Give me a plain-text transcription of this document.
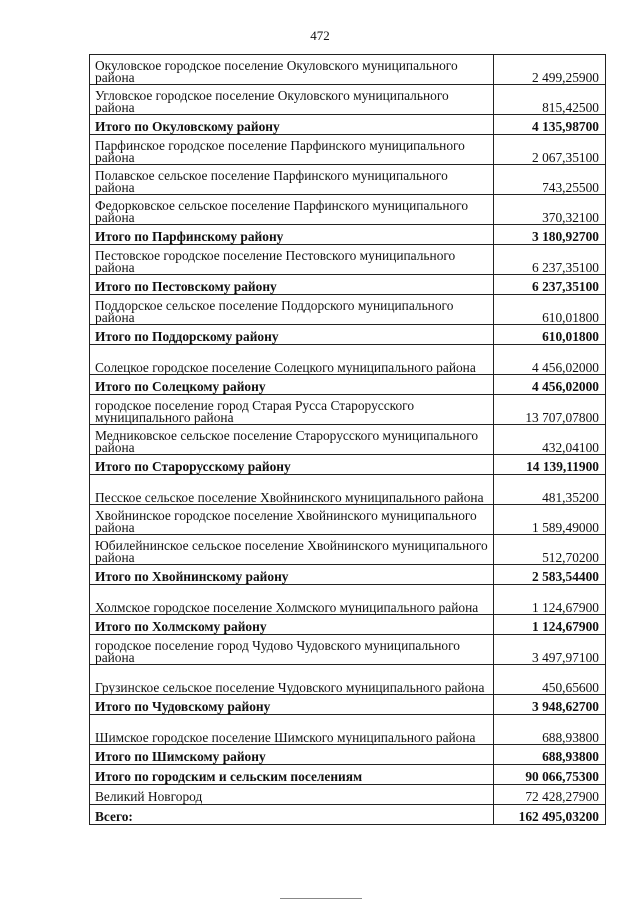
472
Окуловское городское поселение Окуловского муниципального района	2 499,25900
Угловское городское поселение Окуловского муниципального района	815,42500
Итого по Окуловскому району	4 135,98700
Парфинское городское поселение Парфинского муниципального района	2 067,35100
Полавское сельское поселение Парфинского муниципального района	743,25500
Федорковское сельское поселение Парфинского муниципального района	370,32100
Итого по Парфинскому району	3 180,92700
Пестовское городское поселение Пестовского муниципального района	6 237,35100
Итого по Пестовскому району	6 237,35100
Поддорское сельское поселение Поддорского муниципального района	610,01800
Итого по Поддорскому району	610,01800
Солецкое городское поселение Солецкого муниципального района	4 456,02000
Итого по Солецкому району	4 456,02000
городское поселение город Старая Русса Старорусского муниципального района	13 707,07800
Медниковское сельское поселение Старорусского муниципального района	432,04100
Итого по Старорусскому району	14 139,11900
Песское сельское поселение Хвойнинского муниципального района	481,35200
Хвойнинское городское поселение Хвойнинского муниципального района	1 589,49000
Юбилейнинское сельское поселение Хвойнинского муниципального района	512,70200
Итого по Хвойнинскому району	2 583,54400
Холмское городское поселение Холмского муниципального района	1 124,67900
Итого по Холмскому району	1 124,67900
городское поселение город Чудово Чудовского муниципального района	3 497,97100
Грузинское сельское поселение Чудовского муниципального района	450,65600
Итого по Чудовскому району	3 948,62700
Шимское городское поселение Шимского муниципального района	688,93800
Итого по Шимскому району	688,93800
Итого по городским и сельским поселениям	90 066,75300
Великий Новгород	72 428,27900
Всего:	162 495,03200
